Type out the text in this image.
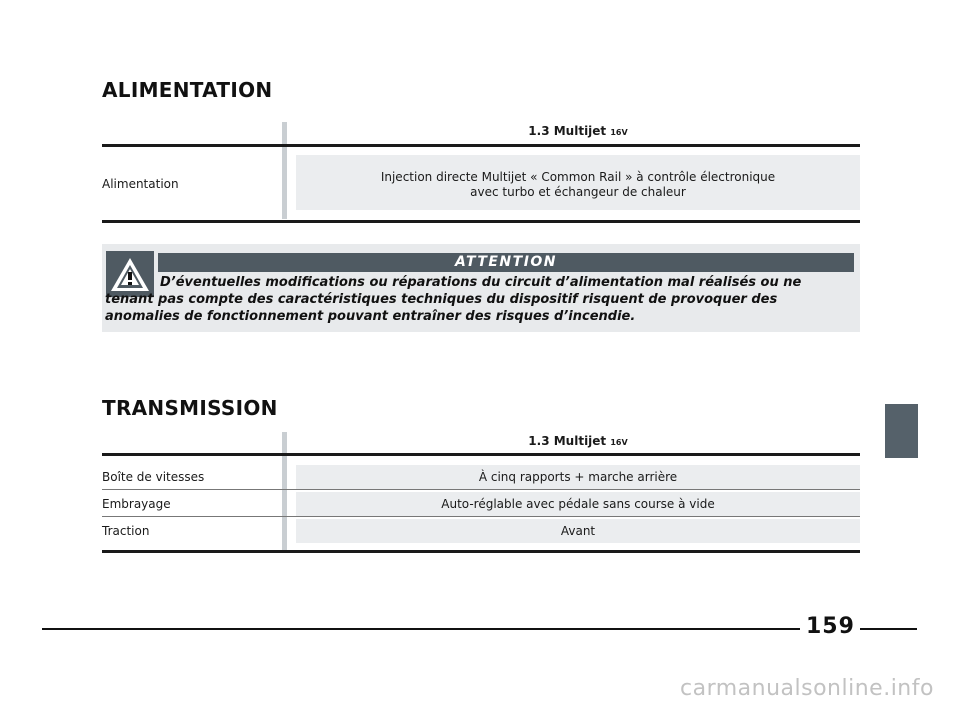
ALIMENTATION
1.3 Multijet 16V
Alimentation	Injection directe Multijet « Common Rail » à contrôle électronique
avec turbo et échangeur de chaleur
ATTENTION
D’éventuelles modifications ou réparations du circuit d’alimentation mal réalisés ou ne tenant pas compte des caractéristiques techniques du dispositif risquent de provoquer des anomalies de fonctionnement pouvant entraîner des risques d’incendie.
TRANSMISSION
1.3 Multijet 16V
Boîte de vitesses	À cinq rapports + marche arrière
Embrayage	Auto-réglable avec pédale sans course à vide
Traction	Avant
159
carmanualsonline.info
